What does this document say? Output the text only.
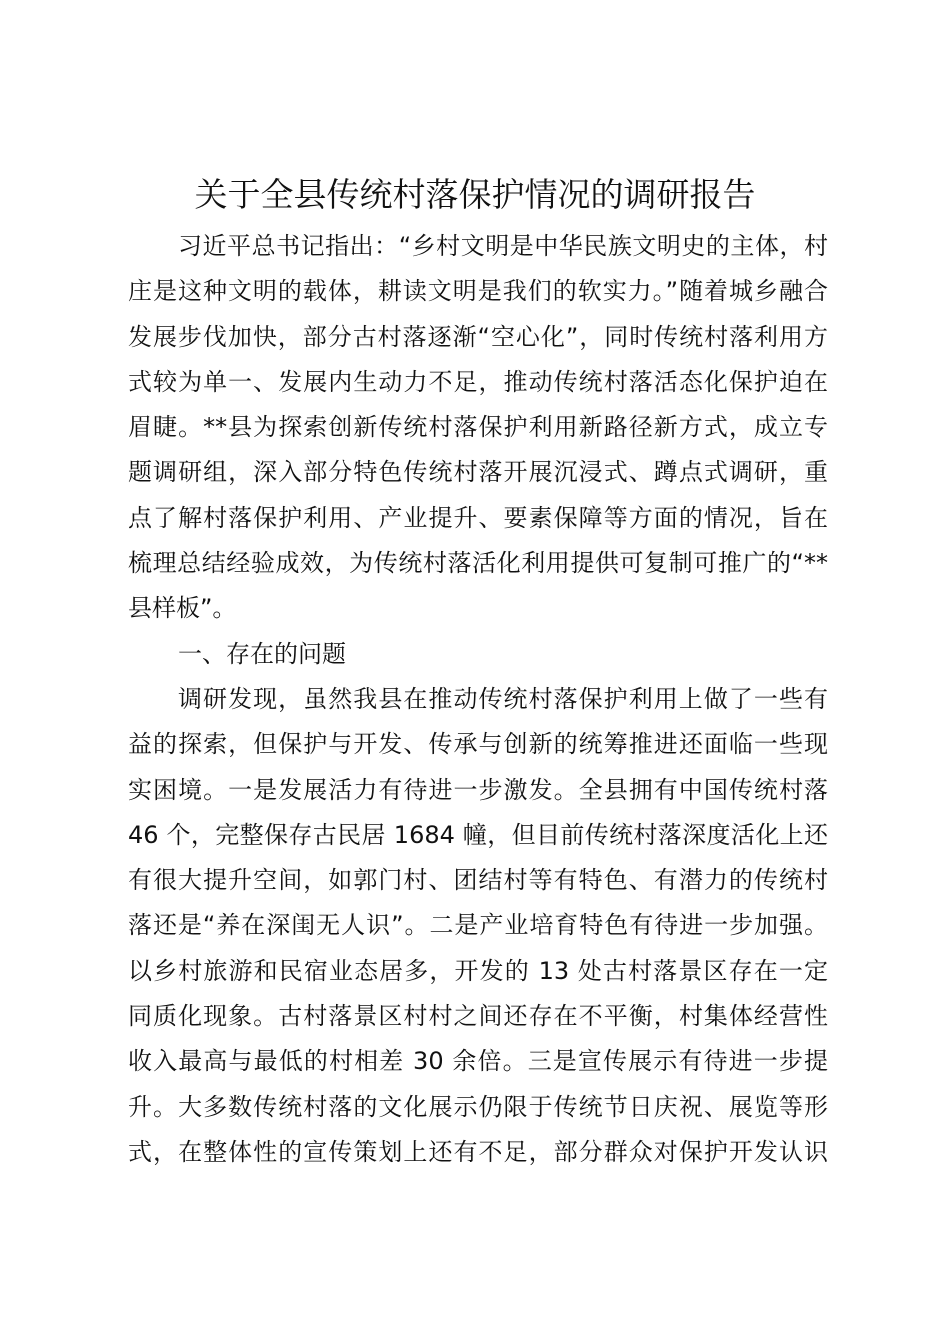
关于全县传统村落保护情况的调研报告
习近平总书记指出：“乡村文明是中华民族文明史的主体，村
庄是这种文明的载体，耕读文明是我们的软实力。”随着城乡融合
发展步伐加快，部分古村落逐渐“空心化”，同时传统村落利用方
式较为单一、发展内生动力不足，推动传统村落活态化保护迫在
眉睫。**县为探索创新传统村落保护利用新路径新方式，成立专
题调研组，深入部分特色传统村落开展沉浸式、蹲点式调研，重
点了解村落保护利用、产业提升、要素保障等方面的情况，旨在
梳理总结经验成效，为传统村落活化利用提供可复制可推广的“**
县样板”。
一、存在的问题
调研发现，虽然我县在推动传统村落保护利用上做了一些有
益的探索，但保护与开发、传承与创新的统筹推进还面临一些现
实困境。一是发展活力有待进一步激发。全县拥有中国传统村落
46 个，完整保存古民居 1684 幢，但目前传统村落深度活化上还
有很大提升空间，如郭门村、团结村等有特色、有潜力的传统村
落还是“养在深闺无人识”。二是产业培育特色有待进一步加强。
以乡村旅游和民宿业态居多，开发的 13 处古村落景区存在一定
同质化现象。古村落景区村村之间还存在不平衡，村集体经营性
收入最高与最低的村相差 30 余倍。三是宣传展示有待进一步提
升。大多数传统村落的文化展示仍限于传统节日庆祝、展览等形
式，在整体性的宣传策划上还有不足，部分群众对保护开发认识
